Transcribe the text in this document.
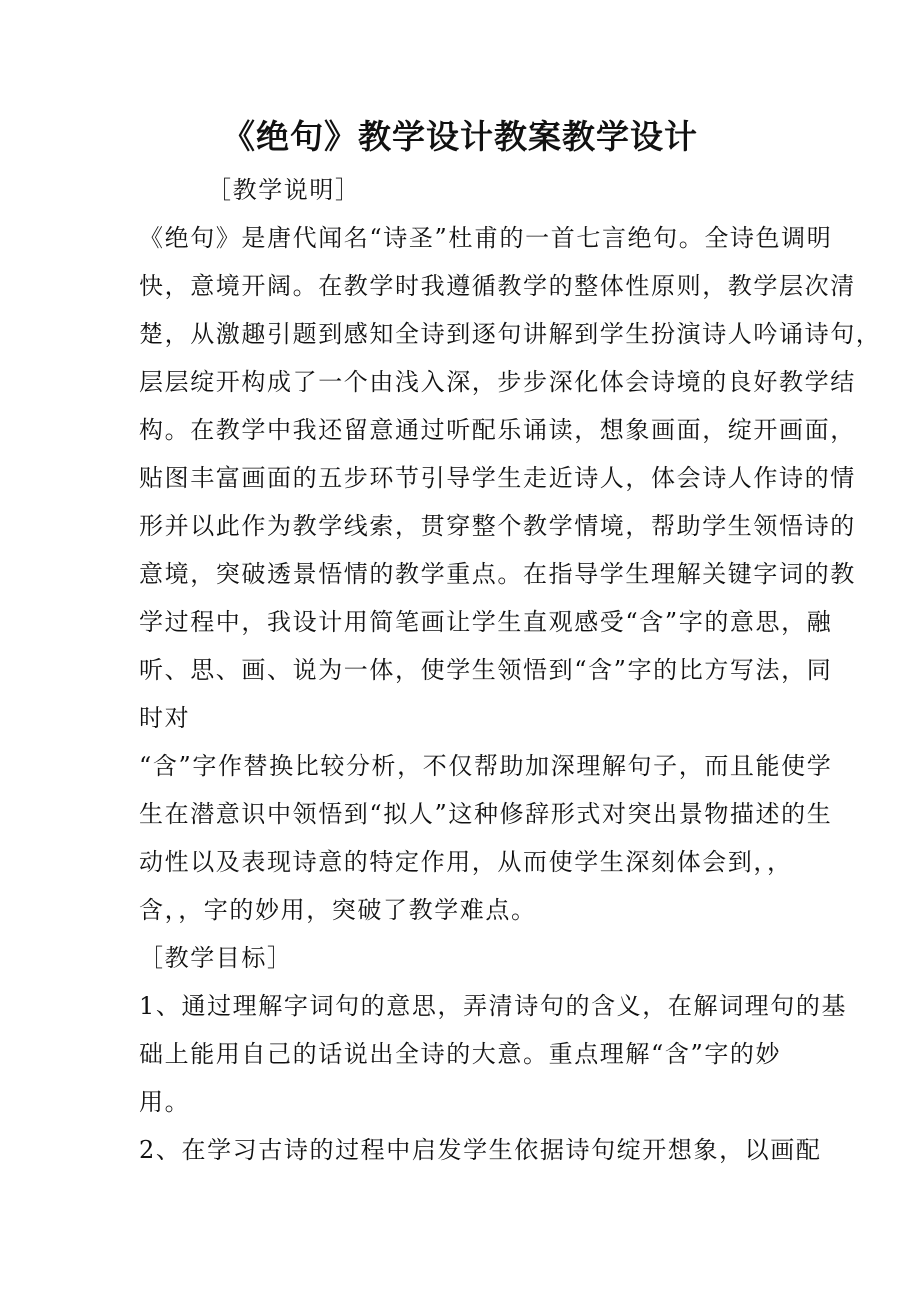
《绝句》教学设计教案教学设计
［教学说明］
《绝句》是唐代闻名“诗圣”杜甫的一首七言绝句。全诗色调明
快，意境开阔。在教学时我遵循教学的整体性原则，教学层次清
楚，从激趣引题到感知全诗到逐句讲解到学生扮演诗人吟诵诗句，
层层绽开构成了一个由浅入深，步步深化体会诗境的良好教学结
构。在教学中我还留意通过听配乐诵读，想象画面，绽开画面，
贴图丰富画面的五步环节引导学生走近诗人，体会诗人作诗的情
形并以此作为教学线索，贯穿整个教学情境，帮助学生领悟诗的
意境，突破透景悟情的教学重点。在指导学生理解关键字词的教
学过程中，我设计用简笔画让学生直观感受“含”字的意思，融
听、思、画、说为一体，使学生领悟到“含”字的比方写法，同
时对
“含”字作替换比较分析，不仅帮助加深理解句子，而且能使学
生在潜意识中领悟到“拟人”这种修辞形式对突出景物描述的生
动性以及表现诗意的特定作用，从而使学生深刻体会到，，
含，，字的妙用，突破了教学难点。
［教学目标］
1、通过理解字词句的意思，弄清诗句的含义，在解词理句的基
础上能用自己的话说出全诗的大意。重点理解“含”字的妙
用。
2、在学习古诗的过程中启发学生依据诗句绽开想象，以画配
